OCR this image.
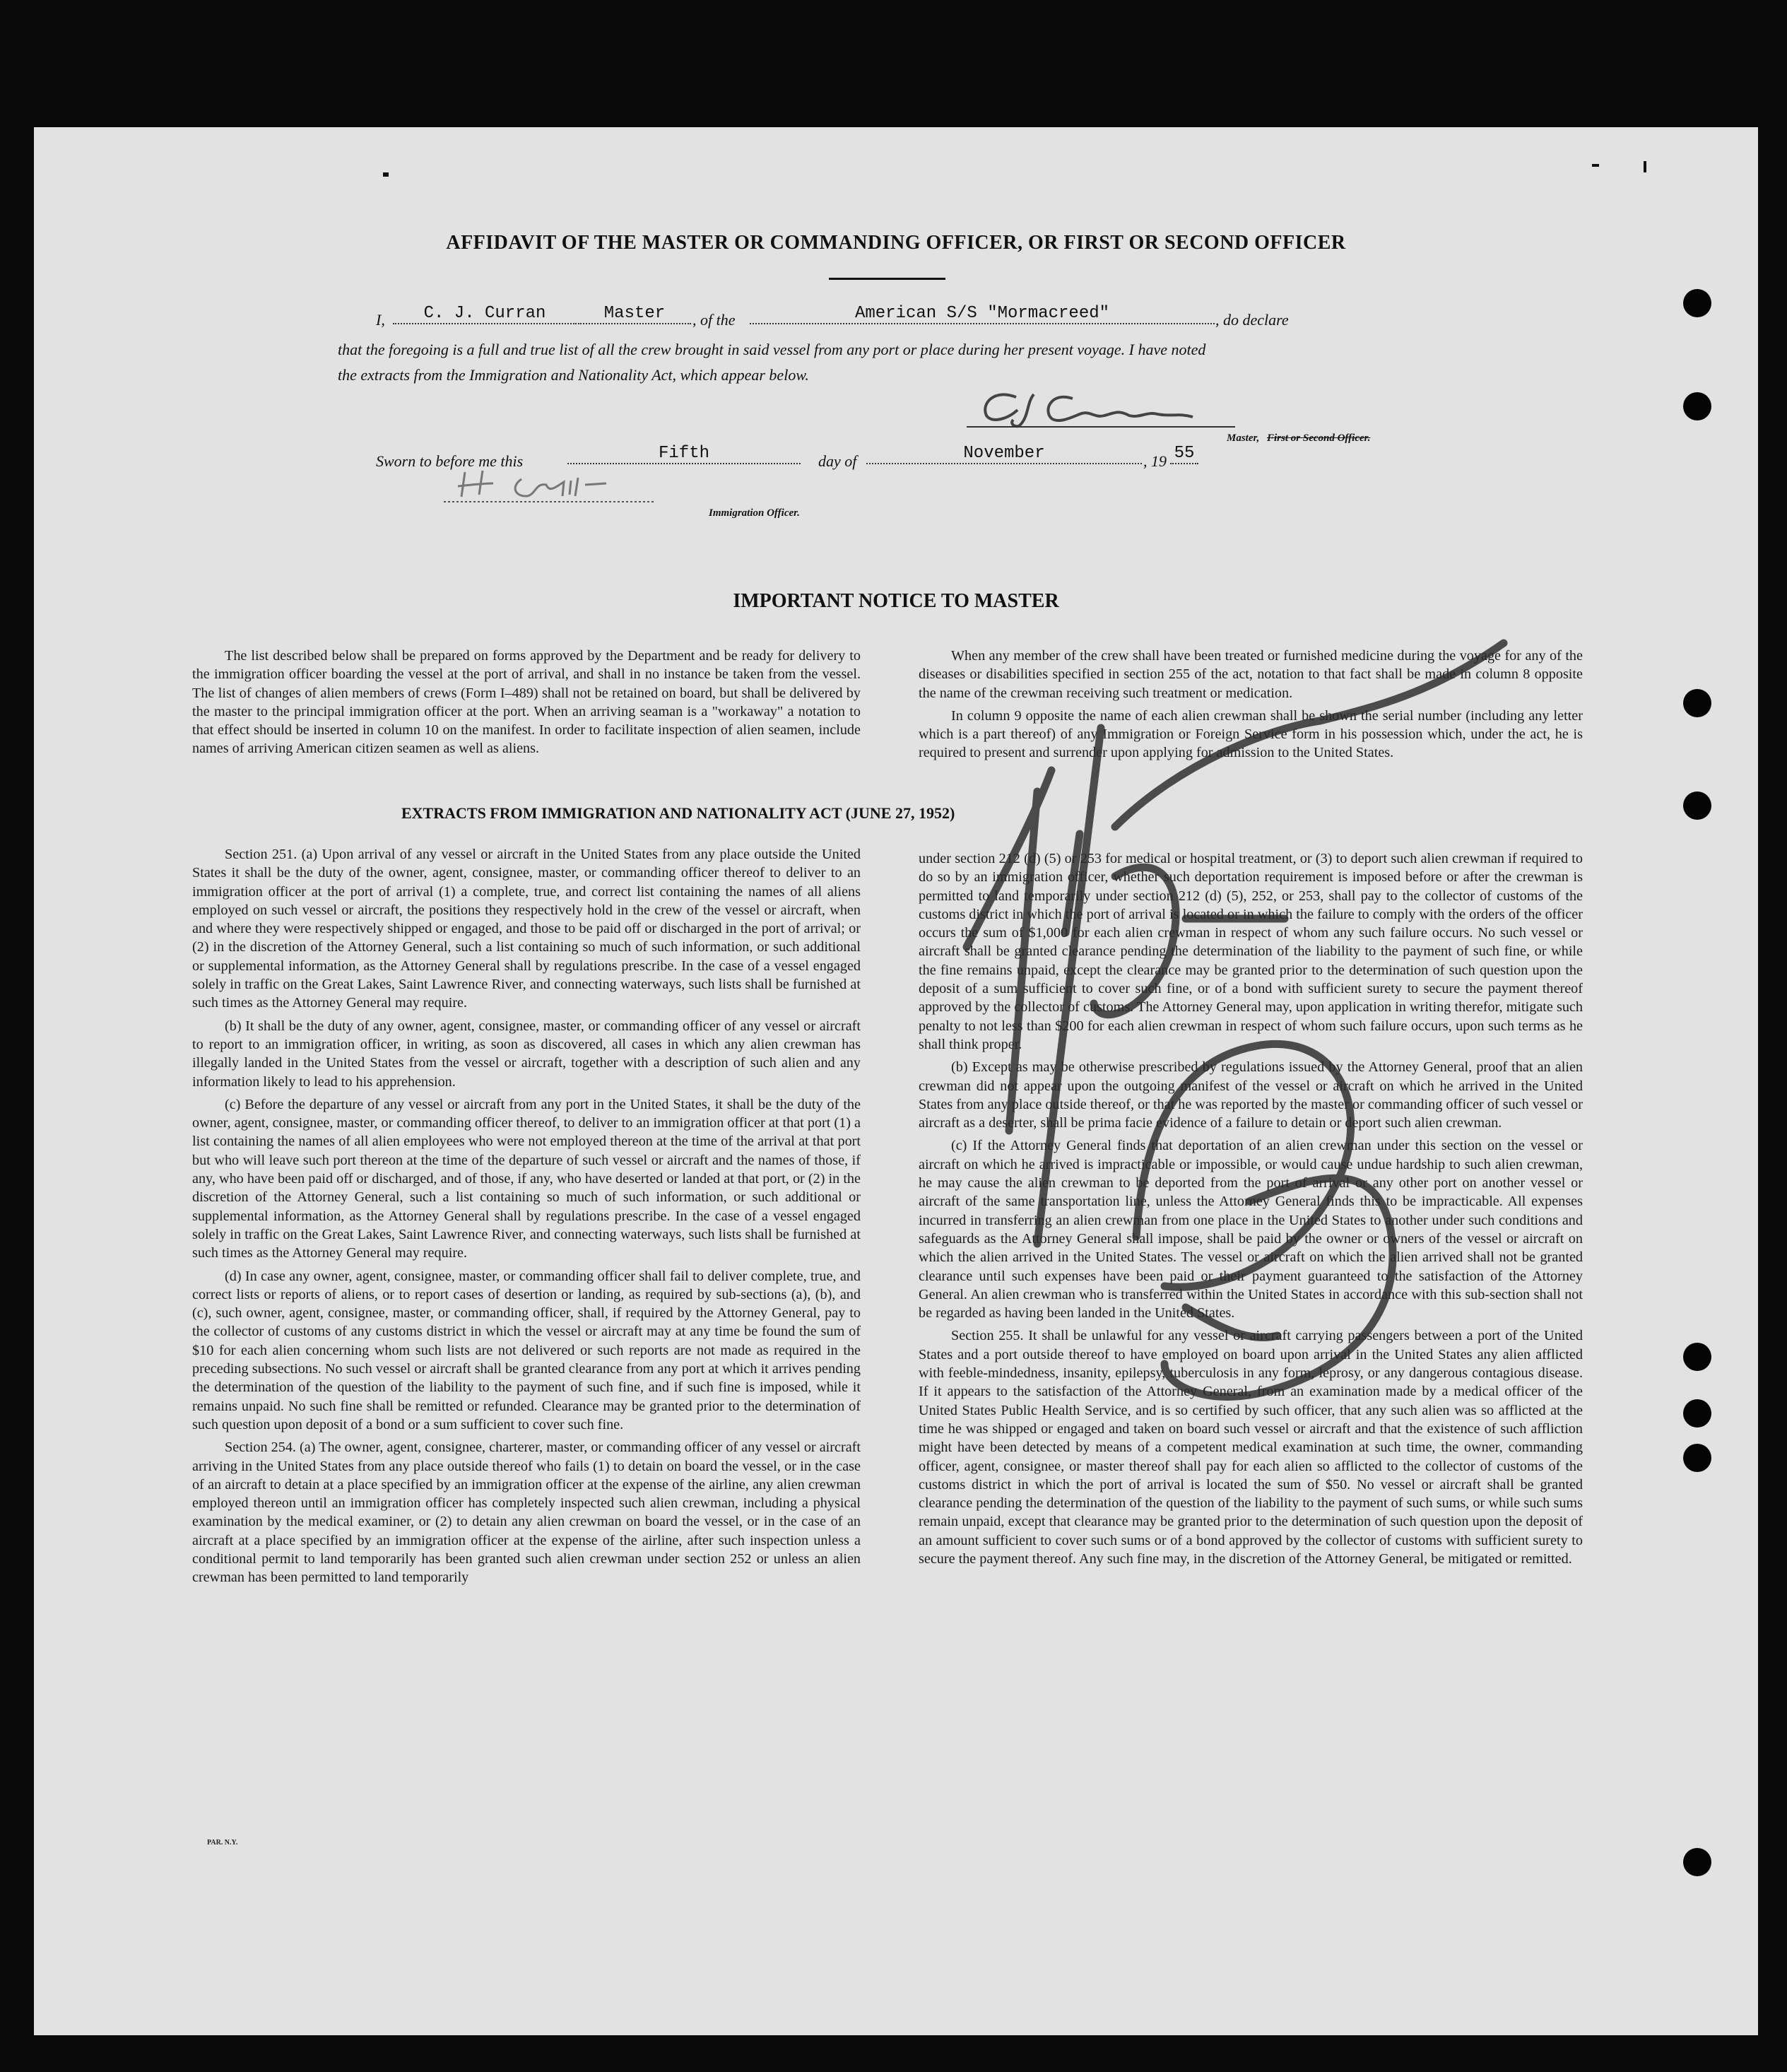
AFFIDAVIT OF THE MASTER OR COMMANDING OFFICER, OR FIRST OR SECOND OFFICER
I,	C. J. Curran	Master	, of the	American S/S "Mormacreed"	, do declare
that the foregoing is a full and true list of all the crew brought in said vessel from any port or place during her present voyage. I have noted
the extracts from the Immigration and Nationality Act, which appear below.
Master, First or Second Officer.
Sworn to before me this	Fifth	day of	November	, 19 55
Immigration Officer.
IMPORTANT NOTICE TO MASTER

The list described below shall be prepared on forms approved by the Department and be ready for delivery to the immigration officer boarding the vessel at the port of arrival, and shall in no instance be taken from the vessel. The list of changes of alien members of crews (Form I–489) shall not be retained on board, but shall be delivered by the master to the principal immigration officer at the port. When an arriving seaman is a "workaway" a notation to that effect should be inserted in column 10 on the manifest. In order to facilitate inspection of alien seamen, include names of arriving American citizen seamen as well as aliens.

When any member of the crew shall have been treated or furnished medicine during the voyage for any of the diseases or disabilities specified in section 255 of the act, notation to that fact shall be made in column 8 opposite the name of the crewman receiving such treatment or medication.

In column 9 opposite the name of each alien crewman shall be shown the serial number (including any letter which is a part thereof) of any Immigration or Foreign Service form in his possession which, under the act, he is required to present and surrender upon applying for admission to the United States.

EXTRACTS FROM IMMIGRATION AND NATIONALITY ACT (JUNE 27, 1952)

Section 251. (a) Upon arrival of any vessel or aircraft in the United States from any place outside the United States it shall be the duty of the owner, agent, consignee, master, or commanding officer thereof to deliver to an immigration officer at the port of arrival (1) a complete, true, and correct list containing the names of all aliens employed on such vessel or aircraft, the positions they respectively hold in the crew of the vessel or aircraft, when and where they were respectively shipped or engaged, and those to be paid off or discharged in the port of arrival; or (2) in the discretion of the Attorney General, such a list containing so much of such information, or such additional or supplemental information, as the Attorney General shall by regulations prescribe. In the case of a vessel engaged solely in traffic on the Great Lakes, Saint Lawrence River, and connecting waterways, such lists shall be furnished at such times as the Attorney General may require.

(b) It shall be the duty of any owner, agent, consignee, master, or commanding officer of any vessel or aircraft to report to an immigration officer, in writing, as soon as discovered, all cases in which any alien crewman has illegally landed in the United States from the vessel or aircraft, together with a description of such alien and any information likely to lead to his apprehension.

(c) Before the departure of any vessel or aircraft from any port in the United States, it shall be the duty of the owner, agent, consignee, master, or commanding officer thereof, to deliver to an immigration officer at that port (1) a list containing the names of all alien employees who were not employed thereon at the time of the arrival at that port but who will leave such port thereon at the time of the departure of such vessel or aircraft and the names of those, if any, who have been paid off or discharged, and of those, if any, who have deserted or landed at that port, or (2) in the discretion of the Attorney General, such a list containing so much of such information, or such additional or supplemental information, as the Attorney General shall by regulations prescribe. In the case of a vessel engaged solely in traffic on the Great Lakes, Saint Lawrence River, and connecting waterways, such lists shall be furnished at such times as the Attorney General may require.

(d) In case any owner, agent, consignee, master, or commanding officer shall fail to deliver complete, true, and correct lists or reports of aliens, or to report cases of desertion or landing, as required by sub-sections (a), (b), and (c), such owner, agent, consignee, master, or commanding officer, shall, if required by the Attorney General, pay to the collector of customs of any customs district in which the vessel or aircraft may at any time be found the sum of $10 for each alien concerning whom such lists are not delivered or such reports are not made as required in the preceding subsections. No such vessel or aircraft shall be granted clearance from any port at which it arrives pending the determination of the question of the liability to the payment of such fine, and if such fine is imposed, while it remains unpaid. No such fine shall be remitted or refunded. Clearance may be granted prior to the determination of such question upon deposit of a bond or a sum sufficient to cover such fine.

Section 254. (a) The owner, agent, consignee, charterer, master, or commanding officer of any vessel or aircraft arriving in the United States from any place outside thereof who fails (1) to detain on board the vessel, or in the case of an aircraft to detain at a place specified by an immigration officer at the expense of the airline, any alien crewman employed thereon until an immigration officer has completely inspected such alien crewman, including a physical examination by the medical examiner, or (2) to detain any alien crewman on board the vessel, or in the case of an aircraft at a place specified by an immigration officer at the expense of the airline, after such inspection unless a conditional permit to land temporarily has been granted such alien crewman under section 252 or unless an alien crewman has been permitted to land temporarily

under section 212 (d) (5) or 253 for medical or hospital treatment, or (3) to deport such alien crewman if required to do so by an immigration officer, whether such deportation requirement is imposed before or after the crewman is permitted to land temporarily under section 212 (d) (5), 252, or 253, shall pay to the collector of customs of the customs district in which the port of arrival is located or in which the failure to comply with the orders of the officer occurs the sum of $1,000 for each alien crewman in respect of whom any such failure occurs. No such vessel or aircraft shall be granted clearance pending the determination of the liability to the payment of such fine, or while the fine remains unpaid, except the clearance may be granted prior to the determination of such question upon the deposit of a sum sufficient to cover such fine, or of a bond with sufficient surety to secure the payment thereof approved by the collector of customs. The Attorney General may, upon application in writing therefor, mitigate such penalty to not less than $200 for each alien crewman in respect of whom such failure occurs, upon such terms as he shall think proper.

(b) Except as may be otherwise prescribed by regulations issued by the Attorney General, proof that an alien crewman did not appear upon the outgoing manifest of the vessel or aircraft on which he arrived in the United States from any place outside thereof, or that he was reported by the master or commanding officer of such vessel or aircraft as a deserter, shall be prima facie evidence of a failure to detain or deport such alien crewman.

(c) If the Attorney General finds that deportation of an alien crewman under this section on the vessel or aircraft on which he arrived is impracticable or impossible, or would cause undue hardship to such alien crewman, he may cause the alien crewman to be deported from the port of arrival or any other port on another vessel or aircraft of the same transportation line, unless the Attorney General finds this to be impracticable. All expenses incurred in transferring an alien crewman from one place in the United States to another under such conditions and safeguards as the Attorney General shall impose, shall be paid by the owner or owners of the vessel or aircraft on which the alien arrived in the United States. The vessel or aircraft on which the alien arrived shall not be granted clearance until such expenses have been paid or their payment guaranteed to the satisfaction of the Attorney General. An alien crewman who is transferred within the United States in accordance with this sub-section shall not be regarded as having been landed in the United States.

Section 255. It shall be unlawful for any vessel or aircraft carrying passengers between a port of the United States and a port outside thereof to have employed on board upon arrival in the United States any alien afflicted with feeble-mindedness, insanity, epilepsy, tuberculosis in any form, leprosy, or any dangerous contagious disease. If it appears to the satisfaction of the Attorney General, from an examination made by a medical officer of the United States Public Health Service, and is so certified by such officer, that any such alien was so afflicted at the time he was shipped or engaged and taken on board such vessel or aircraft and that the existence of such affliction might have been detected by means of a competent medical examination at such time, the owner, commanding officer, agent, consignee, or master thereof shall pay for each alien so afflicted to the collector of customs of the customs district in which the port of arrival is located the sum of $50. No vessel or aircraft shall be granted clearance pending the determination of the question of the liability to the payment of such sums, or while such sums remain unpaid, except that clearance may be granted prior to the determination of such question upon the deposit of an amount sufficient to cover such sums or of a bond approved by the collector of customs with sufficient surety to secure the payment thereof. Any such fine may, in the discretion of the Attorney General, be mitigated or remitted.

PAR. N.Y.
